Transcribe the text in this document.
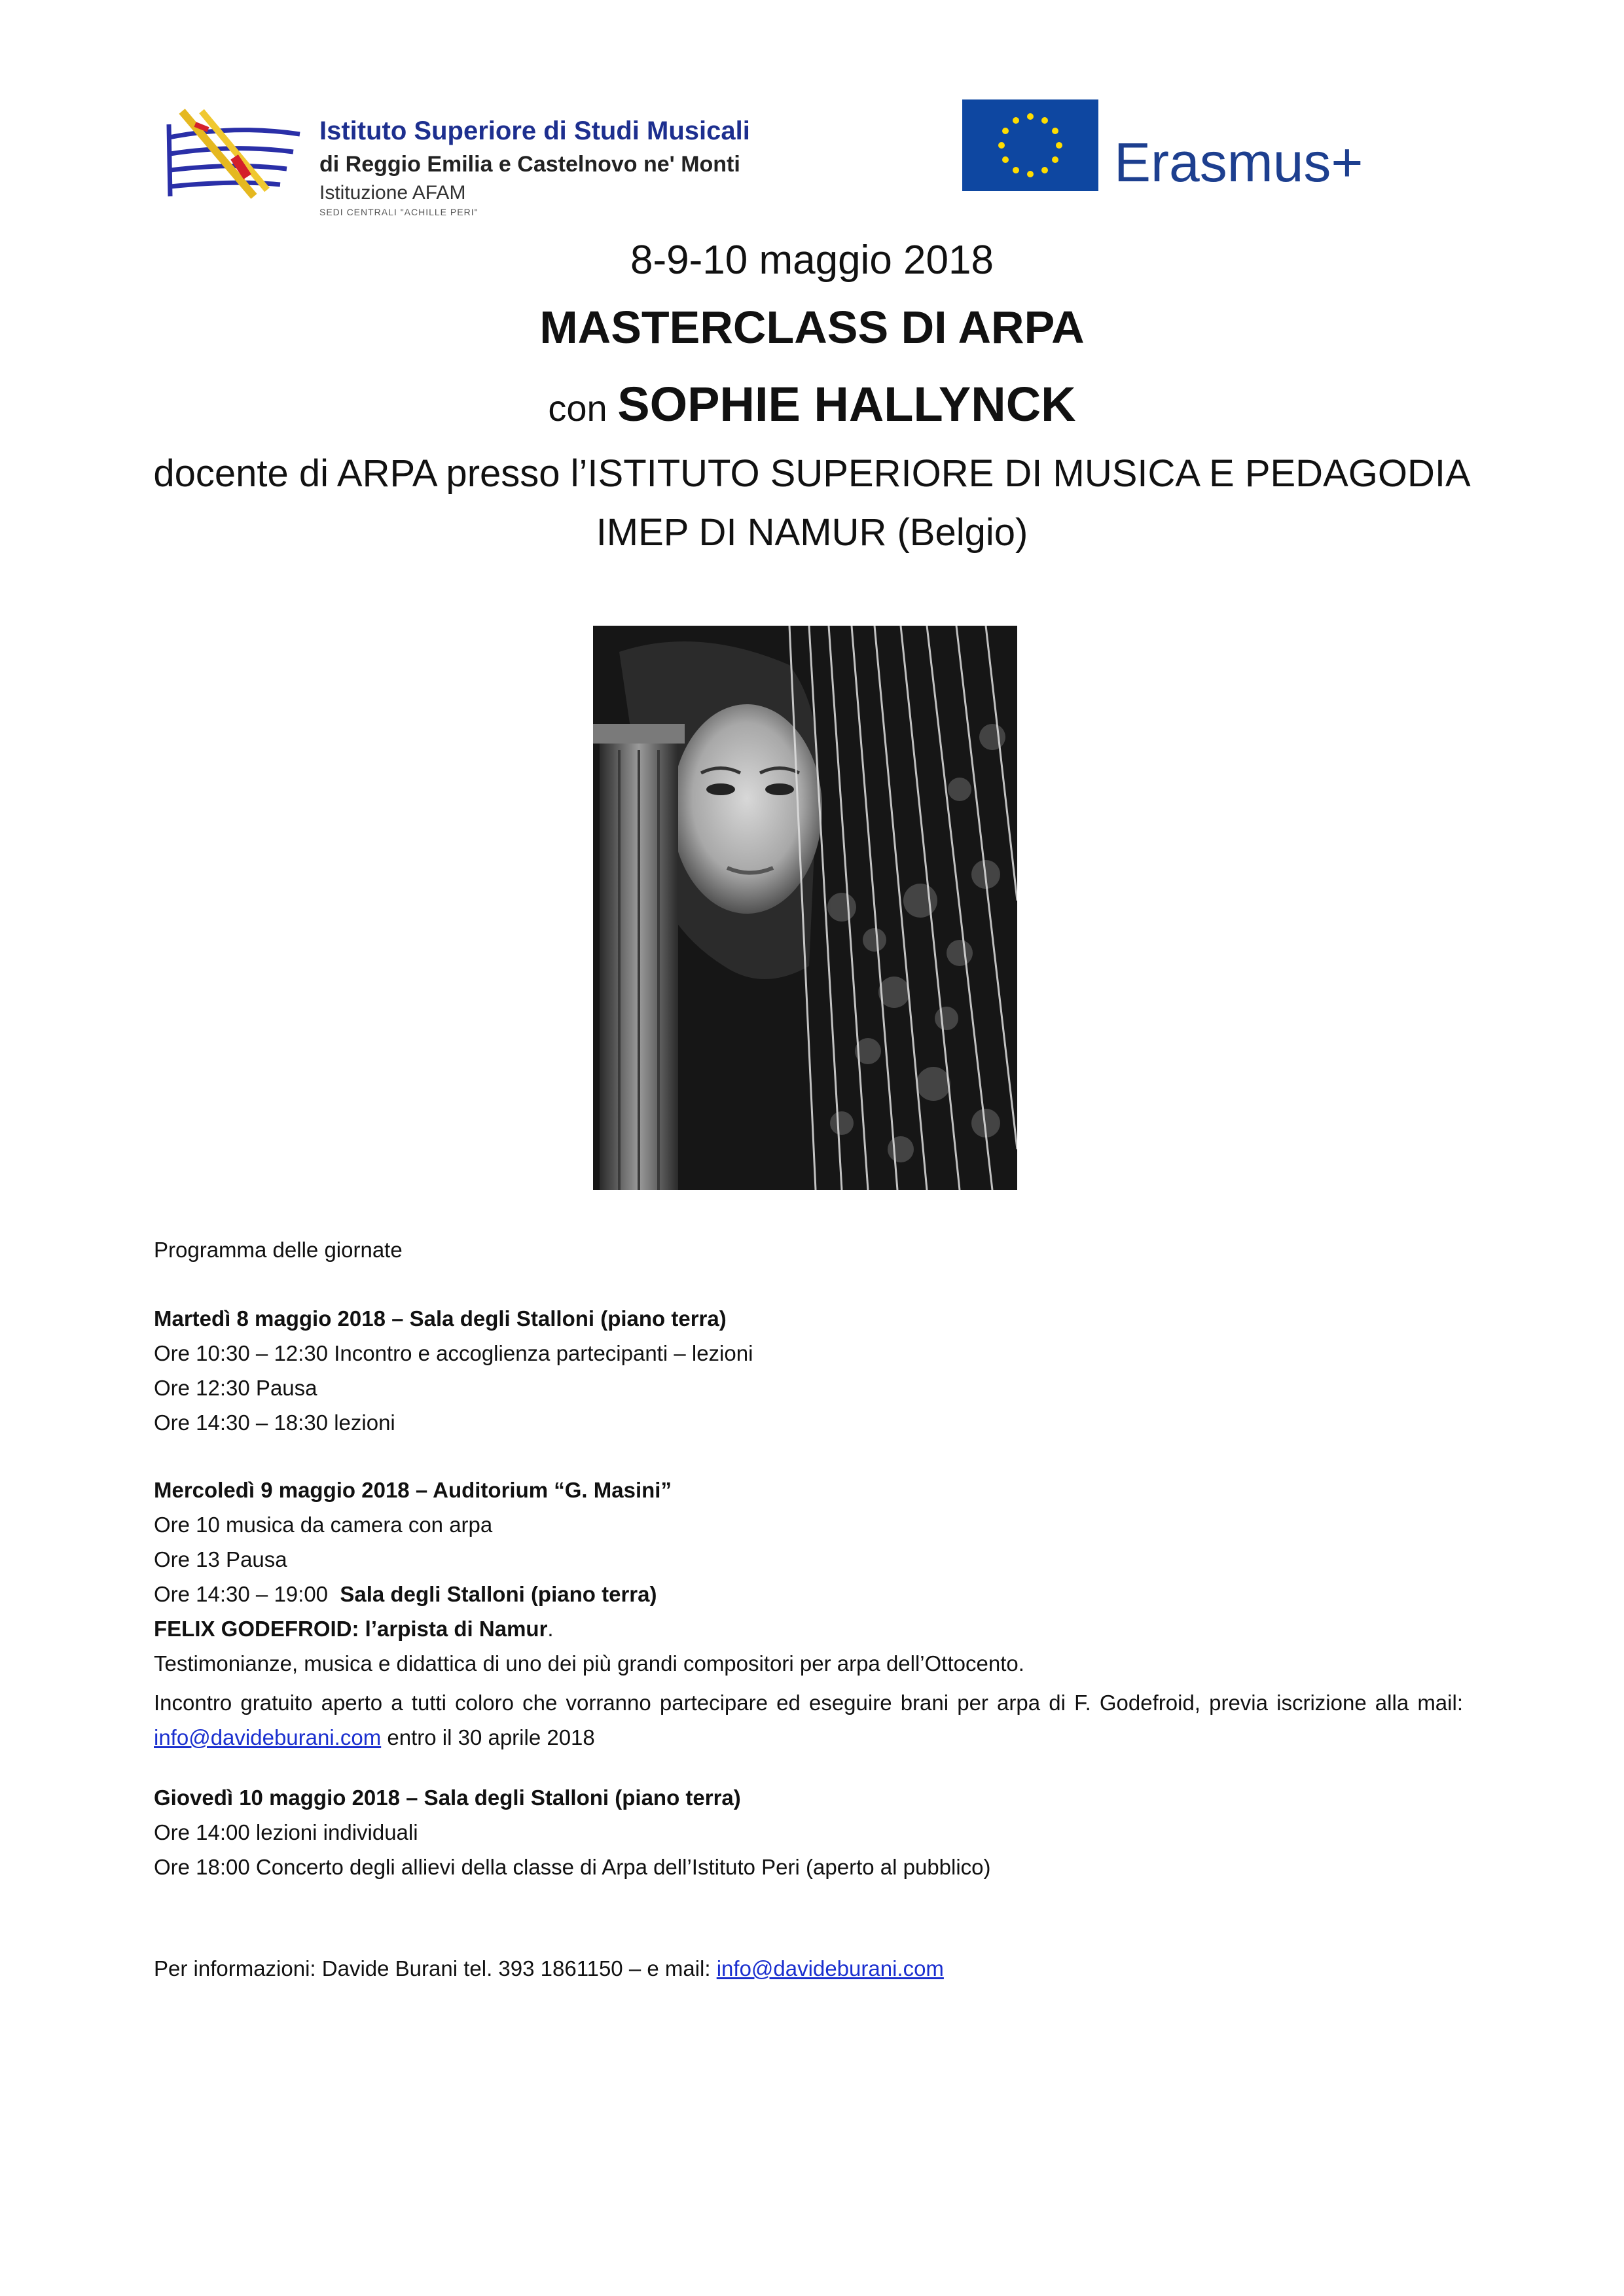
Istituto Superiore di Studi Musicali
di Reggio Emilia e Castelnovo ne' Monti
Istituzione AFAM
SEDI CENTRALI "ACHILLE PERI"
Erasmus+
8-9-10 maggio 2018
MASTERCLASS DI ARPA
con SOPHIE HALLYNCK
docente di ARPA presso l’ISTITUTO SUPERIORE DI MUSICA E PEDAGODIA
IMEP DI NAMUR (Belgio)
Programma delle giornate
Martedì 8 maggio 2018 – Sala degli Stalloni (piano terra)
Ore 10:30 – 12:30 Incontro e accoglienza partecipanti – lezioni
Ore 12:30 Pausa
Ore 14:30 – 18:30 lezioni
Mercoledì 9 maggio 2018 – Auditorium “G. Masini”
Ore 10 musica da camera con arpa
Ore 13 Pausa
Ore 14:30 – 19:00  Sala degli Stalloni (piano terra)
FELIX GODEFROID: l’arpista di Namur.
Testimonianze, musica e didattica di uno dei più grandi compositori per arpa dell’Ottocento.
Incontro gratuito aperto a tutti coloro che vorranno partecipare ed eseguire brani per arpa di F. Godefroid, previa iscrizione alla mail: info@davideburani.com entro il 30 aprile 2018
Giovedì 10 maggio 2018 – Sala degli Stalloni (piano terra)
Ore 14:00 lezioni individuali
Ore 18:00 Concerto degli allievi della classe di Arpa dell’Istituto Peri (aperto al pubblico)
Per informazioni: Davide Burani tel. 393 1861150 – e mail: info@davideburani.com
